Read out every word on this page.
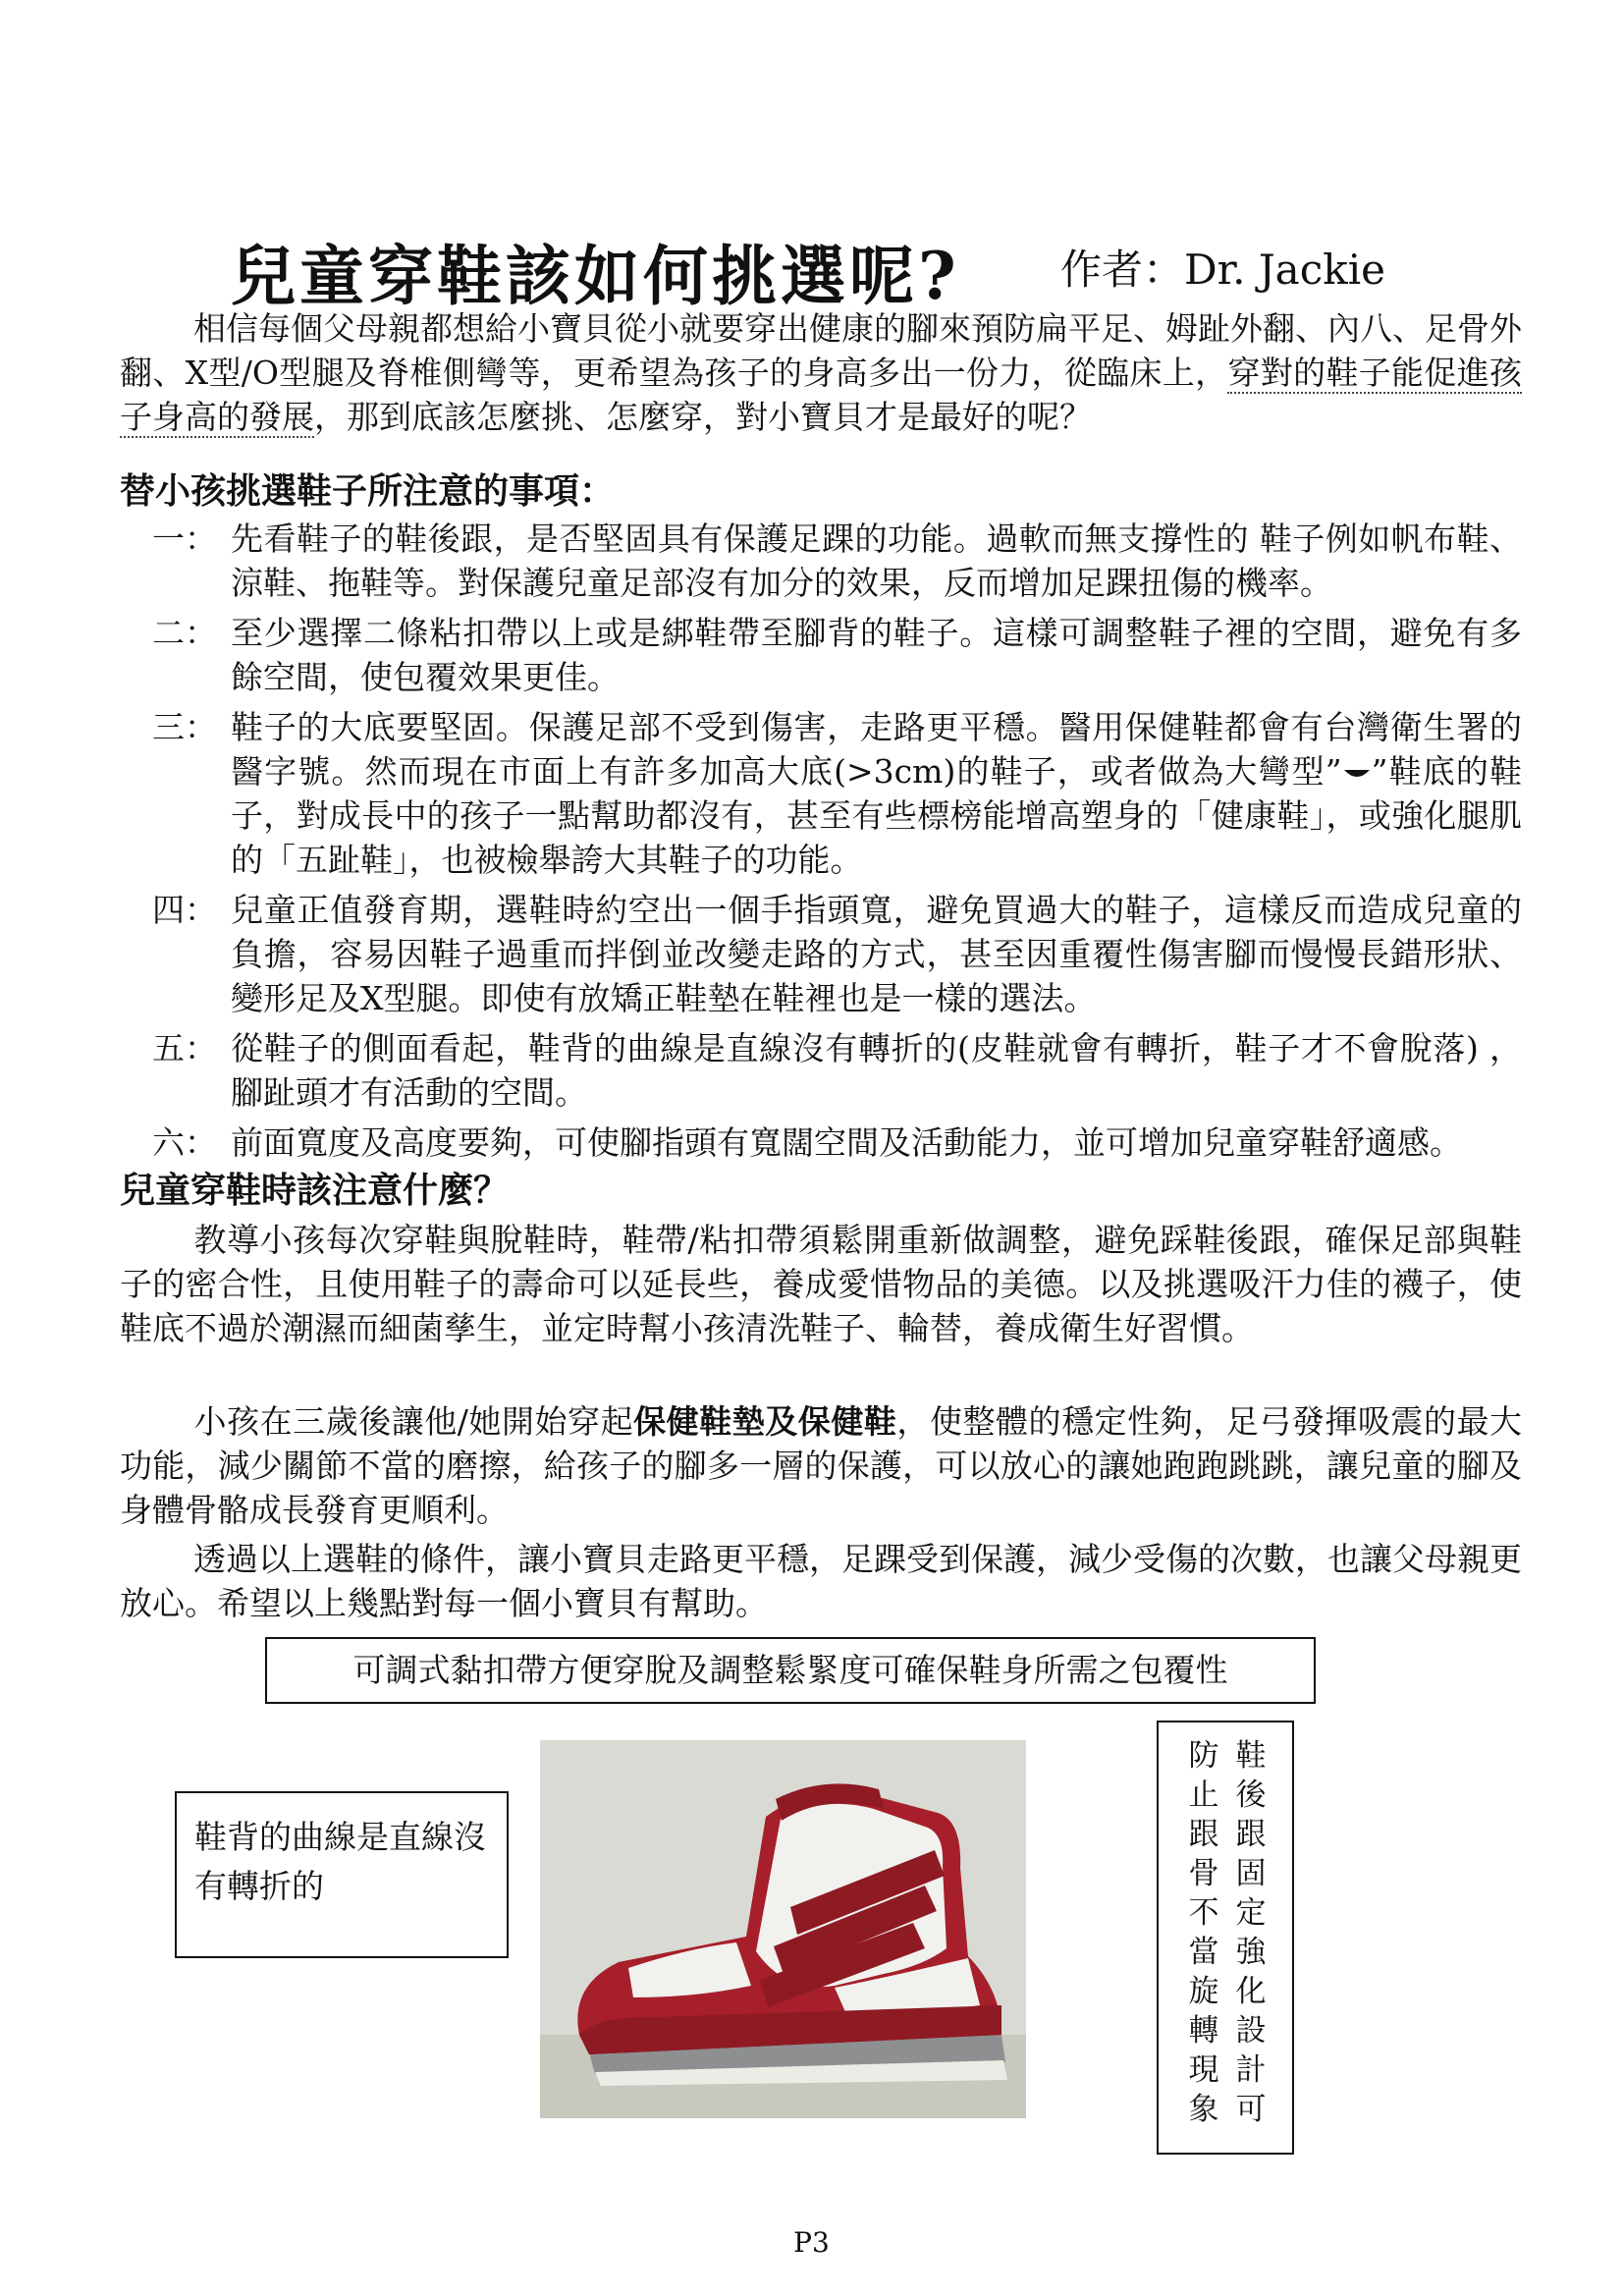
兒童穿鞋該如何挑選呢? 作者：Dr. Jackie
相信每個父母親都想給小寶貝從小就要穿出健康的腳來預防扁平足、姆趾外翻、內八、足骨外翻、X型/O型腿及脊椎側彎等，更希望為孩子的身高多出一份力，從臨床上，穿對的鞋子能促進孩子身高的發展，那到底該怎麼挑、怎麼穿，對小寶貝才是最好的呢？
替小孩挑選鞋子所注意的事項：
一： 先看鞋子的鞋後跟，是否堅固具有保護足踝的功能。過軟而無支撐性的 鞋子例如帆布鞋、涼鞋、拖鞋等。對保護兒童足部沒有加分的效果，反而增加足踝扭傷的機率。
二： 至少選擇二條粘扣帶以上或是綁鞋帶至腳背的鞋子。這樣可調整鞋子裡的空間，避免有多餘空間，使包覆效果更佳。
三： 鞋子的大底要堅固。保護足部不受到傷害，走路更平穩。醫用保健鞋都會有台灣衛生署的醫字號。然而現在市面上有許多加高大底(>3cm)的鞋子，或者做為大彎型” ”鞋底的鞋子，對成長中的孩子一點幫助都沒有，甚至有些標榜能增高塑身的「健康鞋」，或強化腿肌的「五趾鞋」，也被檢舉誇大其鞋子的功能。
四： 兒童正值發育期，選鞋時約空出一個手指頭寬，避免買過大的鞋子，這樣反而造成兒童的負擔，容易因鞋子過重而拌倒並改變走路的方式，甚至因重覆性傷害腳而慢慢長錯形狀、變形足及X型腿。即使有放矯正鞋墊在鞋裡也是一樣的選法。
五： 從鞋子的側面看起，鞋背的曲線是直線沒有轉折的(皮鞋就會有轉折，鞋子才不會脫落) ，腳趾頭才有活動的空間。
六： 前面寬度及高度要夠，可使腳指頭有寬闊空間及活動能力，並可增加兒童穿鞋舒適感。
兒童穿鞋時該注意什麼？
教導小孩每次穿鞋與脫鞋時，鞋帶/粘扣帶須鬆開重新做調整，避免踩鞋後跟，確保足部與鞋子的密合性，且使用鞋子的壽命可以延長些，養成愛惜物品的美德。以及挑選吸汗力佳的襪子，使鞋底不過於潮濕而細菌孳生，並定時幫小孩清洗鞋子、輪替，養成衛生好習慣。
小孩在三歲後讓他/她開始穿起保健鞋墊及保健鞋，使整體的穩定性夠，足弓發揮吸震的最大功能，減少關節不當的磨擦，給孩子的腳多一層的保護，可以放心的讓她跑跑跳跳，讓兒童的腳及身體骨骼成長發育更順利。
透過以上選鞋的條件，讓小寶貝走路更平穩，足踝受到保護，減少受傷的次數，也讓父母親更放心。希望以上幾點對每一個小寶貝有幫助。
可調式黏扣帶方便穿脫及調整鬆緊度可確保鞋身所需之包覆性
鞋背的曲線是直線沒有轉折的
鞋
後
跟
固
定
強
化
設
計
可
防
止
跟
骨
不
當
旋
轉
現
象
P3
